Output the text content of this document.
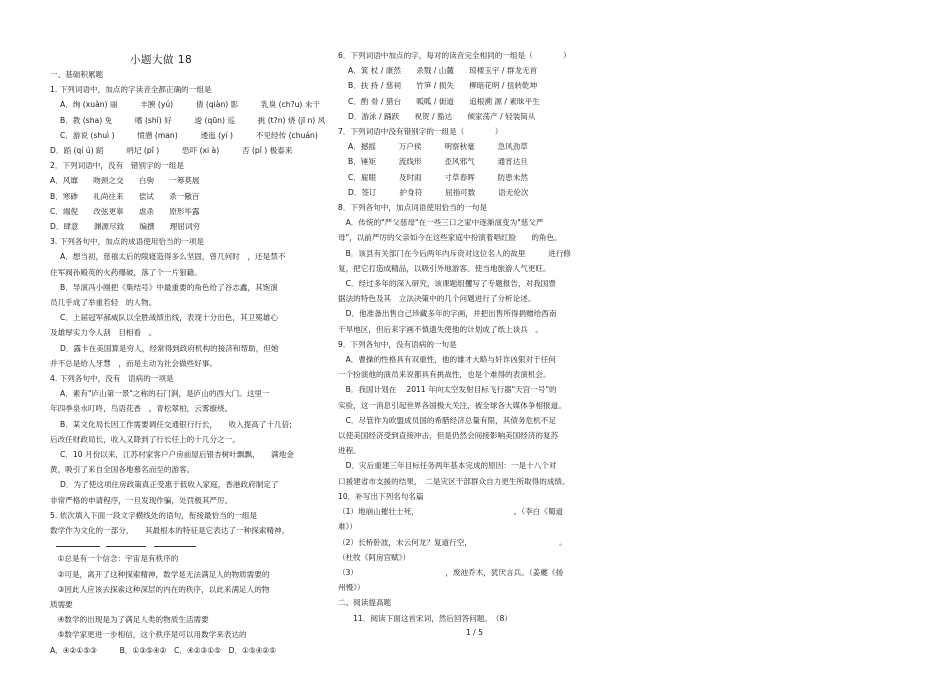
小题大做 18
一、基础积累题
1. 下列词语中，加点的字读音全都正确的一组是
A．绚 (xuàn) 丽　　　丰腴 (yú)　　　倩 (qiàn) 影　　　乳臭 (ch?u) 未干
B．教 (sha) 免　　　嗜 (shì) 好　　　逡 (qūn) 巡　　　挑 (t?n) 烧 (jī n) 风
C．游说 (shuì )　　　愤懑 (man)　　　逶迤 (yí )　　　不见经传 (chuán)
D．蹈 (qí ú) 蹈　　　坍圮 (pǐ )　　　恐吓 (xi à)　　　否 (pǐ ) 极泰来
2．下列词语中，没有　错别字的一组是
A．风靡　　吻颈之交　　白驹　　一筹莫展
B．寒碜　　礼尚往来　　偿试　　杀一儆百
C．端倪　　改弦更辜　　虐杀　　原形毕露
D．肆意　　渊源尽致　　编撰　　理屈词穷
3. 下列各句中，加点的成语使用恰当的一项是
A．想当初，慈禧太后的陵寝造得多么坚固，曾几何时　，还是禁不
住军阀孙殿英的火药爆破，落了个一片狼籍。
B．导演冯小刚把《集结号》中最重要的角色给了谷志鑫，其饱演
员几乎成了举重若轻　的人物。
C．上届冠军郝威队以全胜战绩出线，表现十分出色，其卫冕雄心
及雄厚实力令人刮　目相看　。
D．露卡在美国算是穷人，经常得到政府机构的接济和帮助，但她
并不总是给人牙慧　，而是主动为社会做些好事。
4. 下列各句中，没有　语病的一项是
A．素有"庐山第一景"之称的石门涧，是庐山的西大门。这里一
年四季泉水叮咚，鸟语花香　，青松翠柏，云雾缭绕。
B．某文化局长因工作需要调任交通银行行长，　　收入提高了十几倍;
后改任财政局长，收入又降到了行长任上的十几分之一。
C．10 月份以来，江苏村家客户户房前屋后银杏树叶飘飘，　　满地金
黄，吸引了来自全国各地慕名而至的游客。
D．为了使这项住房政策真正受惠于低收入家庭，香港政府制定了
非常严格的申请程序，一旦发现作骗，处罚极其严厉。
5. 依次填入下面一段文字横线处的语句，衔接最恰当的一组是
数学作为文化的一部分，　　其最根本的特征是它表达了一种探索精神。
　①总是有一个信念：宇宙是有秩序的
　②可是，离开了这种探索精神，数学是无法满足人的物质需要的
　③因此人应该去探索这种深层的内在的秩序，以此来满足人的物
质需要
　④数学的出现是为了满足人类的物质生活需要
　⑤数学家更进一步相信，这个秩序是可以用数学来表达的
A．④②①⑤③　　　B．①③⑤④②　C．④②③①⑤　D．①⑤④②⑤
6．下列词语中加点的字，每对的读音完全相同的一组是（　　　　）
A．箕 杖 / 康然　　杀戮 / 山麓　　琼楼玉宇 / 群龙无首
B．扶 持 / 慈祠　　竹笋 / 损失　　柳暗花明 / 扭转乾坤
C．酌 骨 / 猎台　　呱呱 / 街道　　追根溯 源 / 素昧平生
D．游泳 / 踊跃　　祝贺 / 豁达　　倾家荡产 / 轻装简从
7．下列词语中没有错别字的一组是（　　　　）
A．撼摇　　　万户侯　　　明察秋毫　　　急风劲草
B．锤矩　　　流线形　　　歪风邪气　　　通宵达旦
C．雇眼　　　及时雨　　　寸草春晖　　　防患未然
D．签订　　　护身符　　　屈指可数　　　语无伦次
8．下列各句中，加点词语使用恰当的一句是
　A．传统的"严父慈母"在一些三口之家中逐渐演变为"慈父严
母"，以前严厉的父亲如今在这些家庭中扮演着唱红脸　　的角色。
　B．该县有关部门在今后两年内斥资对这位名人的故里　　　进行修
复，把它打造成精品，以吸引外地游客。使当地旅游人气更旺。
　C．经过多年的深入研究，该课题组攫写了专题报告，对我国票
据法的特色及其　立法决策中的几个问题进行了分析论述。
　D．他准备出售自己珍藏多年的字画，并把出售所得捐赠给西南
干旱地区，但后来字画不慎遗失使他的计划成了纸上谈兵　。
9．下列各句中，没有语病的一句是
　A．曹操的性格具有双重性，他的雄才大略与奸诈凶狠对于任何
一个扮演他的演员来说都具有挑战性，也是个难得的表演机会。
　B．我国计划在　 2011 年向太空发射目标飞行器"天宫一号"的
实验，这一消息引起世界各国极大关注，被全球各大媒体争相报道。
　C．尽管作为欧盟成员国的希腊经济总量有限，其债务危机不足
以使美国经济受到直接冲击，但是仍然会间接影响美国经济的复苏
进程。
　D．灾后重建三年目标任务两年基本完成的原因：一是十八个对
口援建省市支援的结果，　二是灾区干部群众自力更生所取得的成绩。
10．补写出下列名句名篇
（1）地崩山摧壮士死，　　　　　　　　　　　　　。（李白《蜀道
难》）
（2）长桥卧波，未云何龙？复道行空，　　　　　　　　　　　　。
（杜牧《阿房宫赋》）
（3）　　　　　　　　　　　　，废池乔木，犹厌言兵。（姜夔《扬
州慢》）
二、阅读提高题
　　11．阅读下面这首宋词，然后回答问题。　（8）
1 / 5
